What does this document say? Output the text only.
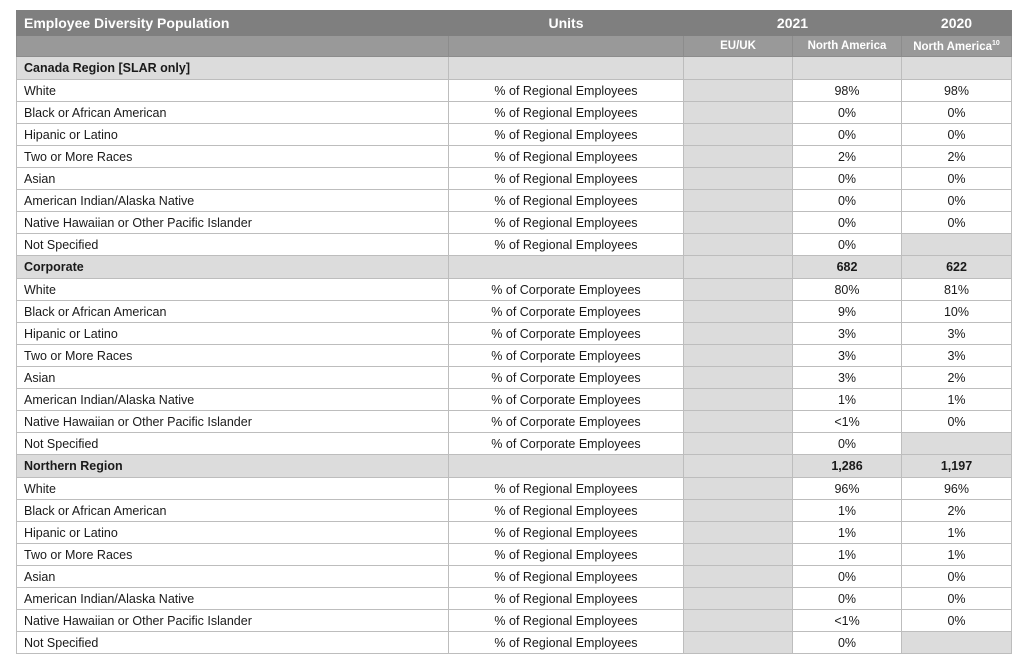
Employee Diversity Population	Units	2021		2020
		EU/UK	North America	North America$^{10}$
Canada Region [SLAR only]				
White	% of Regional Employees		98%	98%
Black or African American	% of Regional Employees		0%	0%
Hipanic or Latino	% of Regional Employees		0%	0%
Two or More Races	% of Regional Employees		2%	2%
Asian	% of Regional Employees		0%	0%
American Indian/Alaska Native	% of Regional Employees		0%	0%
Native Hawaiian or Other Pacific Islander	% of Regional Employees		0%	0%
Not Specified	% of Regional Employees		0%	
Corporate			682	622
White	% of Corporate Employees		80%	81%
Black or African American	% of Corporate Employees		9%	10%
Hipanic or Latino	% of Corporate Employees		3%	3%
Two or More Races	% of Corporate Employees		3%	3%
Asian	% of Corporate Employees		3%	2%
American Indian/Alaska Native	% of Corporate Employees		1%	1%
Native Hawaiian or Other Pacific Islander	% of Corporate Employees		<1%	0%
Not Specified	% of Corporate Employees		0%	
Northern Region			1,286	1,197
White	% of Regional Employees		96%	96%
Black or African American	% of Regional Employees		1%	2%
Hipanic or Latino	% of Regional Employees		1%	1%
Two or More Races	% of Regional Employees		1%	1%
Asian	% of Regional Employees		0%	0%
American Indian/Alaska Native	% of Regional Employees		0%	0%
Native Hawaiian or Other Pacific Islander	% of Regional Employees		<1%	0%
Not Specified	% of Regional Employees		0%	
